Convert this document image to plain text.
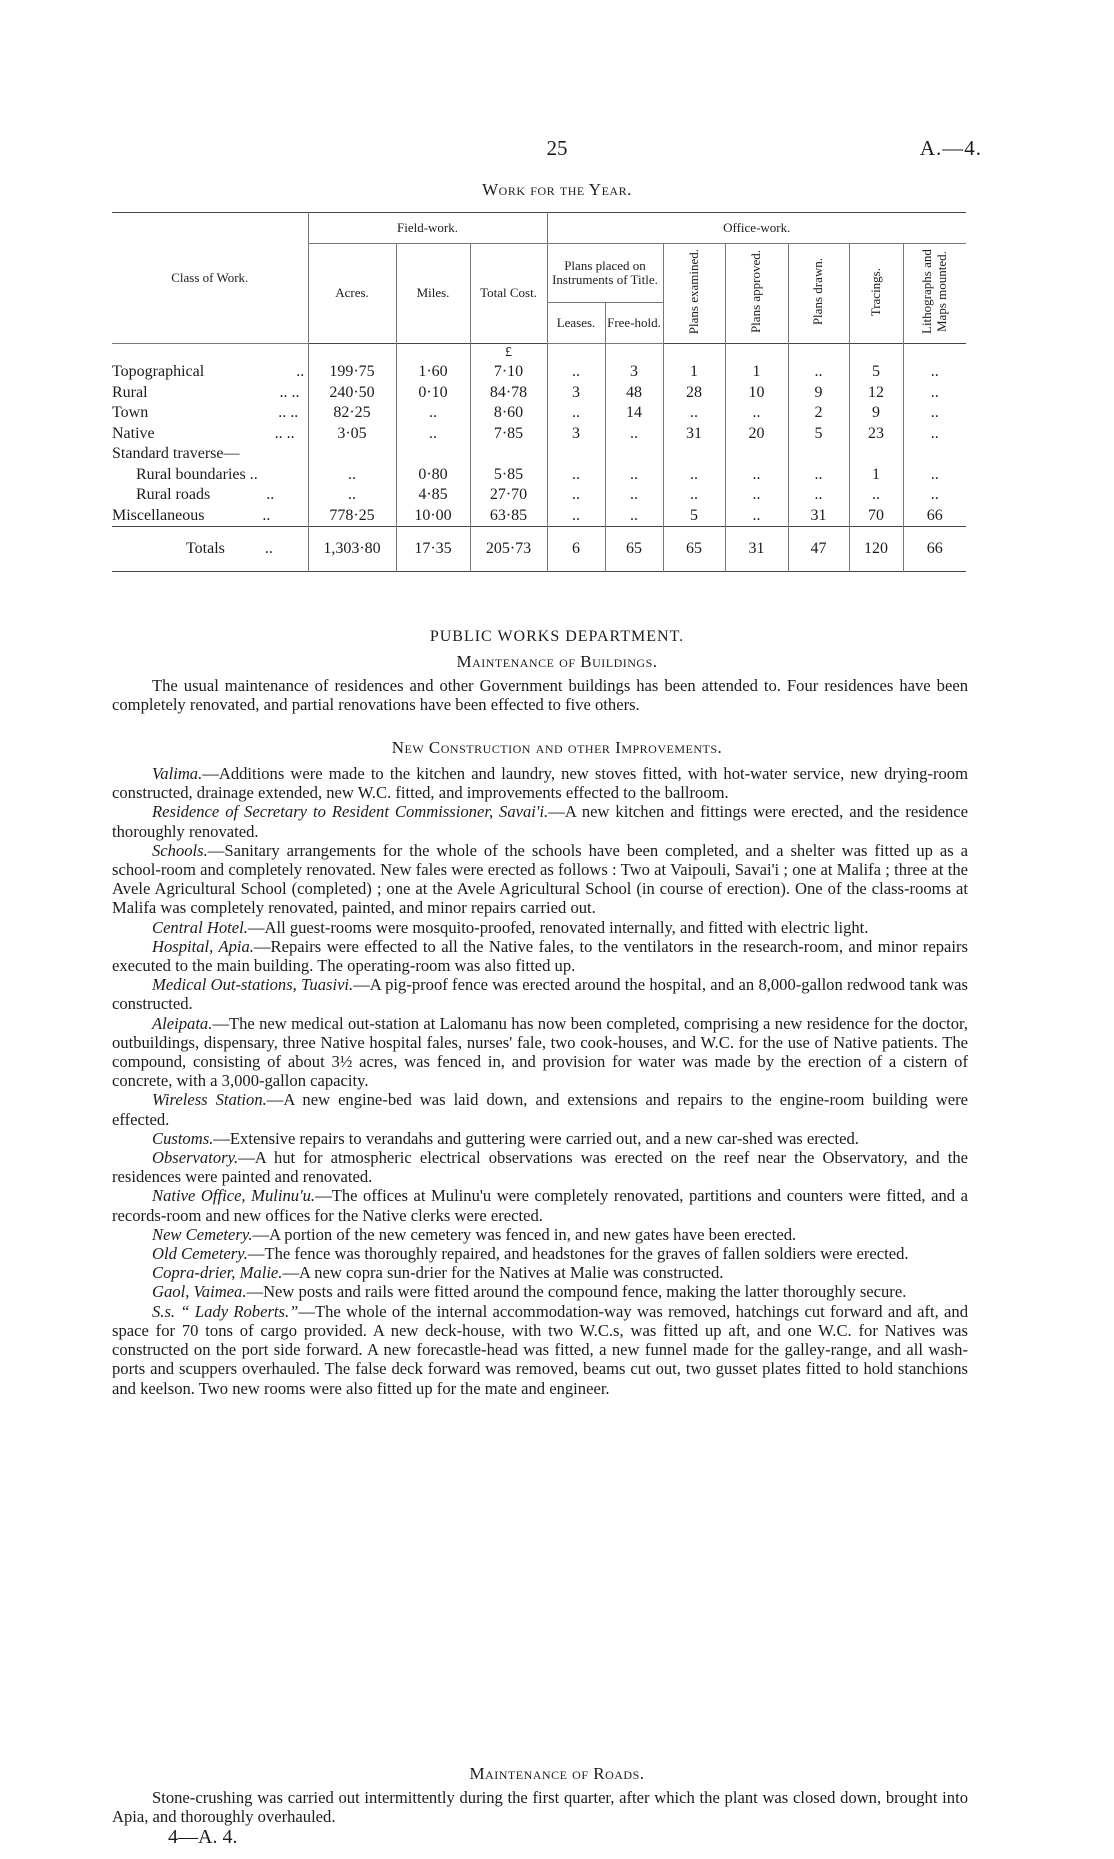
25	A.—4.
Work for the Year.
Class of Work.	Field-work.			Office-work.						
	Acres.	Miles.	Total Cost.	Plans placed on Instruments of Title.		Plans examined.	Plans approved.	Plans drawn.	Tracings.	Lithographs and Maps mounted.
				Leases.	Free-hold.					
			£							
Topographical ..	199·75	1·60	7·10	..	3	1	1	..	5	..
Rural .. ..	240·50	0·10	84·78	3	48	28	10	9	12	..
Town .. ..	82·25	..	8·60	..	14	..	..	2	9	..
Native .. ..	3·05	..	7·85	3	..	31	20	5	23	..
Standard traverse—										
Rural boundaries ..	..	0·80	5·85	..	..	..	..	..	1	..
Rural roads ..	..	4·85	27·70	..	..	..	..	..	..	..
Miscellaneous ..	778·25	10·00	63·85	..	..	5	..	31	70	66
Totals ..	1,303·80	17·35	205·73	6	65	65	31	47	120	66
PUBLIC WORKS DEPARTMENT.
Maintenance of Buildings.

The usual maintenance of residences and other Government buildings has been attended to. Four residences have been completely renovated, and partial renovations have been effected to five others.

New Construction and other Improvements.

Valima.—Additions were made to the kitchen and laundry, new stoves fitted, with hot-water service, new drying-room constructed, drainage extended, new W.C. fitted, and improvements effected to the ballroom.

Residence of Secretary to Resident Commissioner, Savai'i.—A new kitchen and fittings were erected, and the residence thoroughly renovated.

Schools.—Sanitary arrangements for the whole of the schools have been completed, and a shelter was fitted up as a school-room and completely renovated. New fales were erected as follows : Two at Vaipouli, Savai'i ; one at Malifa ; three at the Avele Agricultural School (completed) ; one at the Avele Agricultural School (in course of erection). One of the class-rooms at Malifa was completely renovated, painted, and minor repairs carried out.

Central Hotel.—All guest-rooms were mosquito-proofed, renovated internally, and fitted with electric light.

Hospital, Apia.—Repairs were effected to all the Native fales, to the ventilators in the research-room, and minor repairs executed to the main building. The operating-room was also fitted up.

Medical Out-stations, Tuasivi.—A pig-proof fence was erected around the hospital, and an 8,000-gallon redwood tank was constructed.

Aleipata.—The new medical out-station at Lalomanu has now been completed, comprising a new residence for the doctor, outbuildings, dispensary, three Native hospital fales, nurses' fale, two cook-houses, and W.C. for the use of Native patients. The compound, consisting of about 3½ acres, was fenced in, and provision for water was made by the erection of a cistern of concrete, with a 3,000-gallon capacity.

Wireless Station.—A new engine-bed was laid down, and extensions and repairs to the engine-room building were effected.

Customs.—Extensive repairs to verandahs and guttering were carried out, and a new car-shed was erected.

Observatory.—A hut for atmospheric electrical observations was erected on the reef near the Observatory, and the residences were painted and renovated.

Native Office, Mulinu'u.—The offices at Mulinu'u were completely renovated, partitions and counters were fitted, and a records-room and new offices for the Native clerks were erected.

New Cemetery.—A portion of the new cemetery was fenced in, and new gates have been erected.

Old Cemetery.—The fence was thoroughly repaired, and headstones for the graves of fallen soldiers were erected.

Copra-drier, Malie.—A new copra sun-drier for the Natives at Malie was constructed.

Gaol, Vaimea.—New posts and rails were fitted around the compound fence, making the latter thoroughly secure.

S.s. “ Lady Roberts.”—The whole of the internal accommodation-way was removed, hatchings cut forward and aft, and space for 70 tons of cargo provided. A new deck-house, with two W.C.s, was fitted up aft, and one W.C. for Natives was constructed on the port side forward. A new forecastle-head was fitted, a new funnel made for the galley-range, and all wash-ports and scuppers overhauled. The false deck forward was removed, beams cut out, two gusset plates fitted to hold stanchions and keelson. Two new rooms were also fitted up for the mate and engineer.

Maintenance of Roads.

Stone-crushing was carried out intermittently during the first quarter, after which the plant was closed down, brought into Apia, and thoroughly overhauled.

4—A. 4.
